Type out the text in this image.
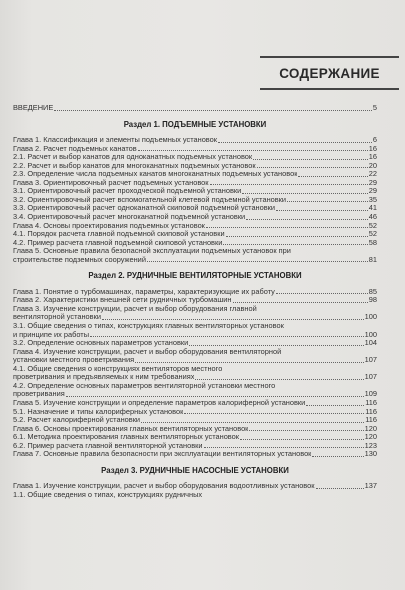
СОДЕРЖАНИЕ
ВВЕДЕНИЕ	5
Раздел 1. ПОДЪЕМНЫЕ УСТАНОВКИ
Глава 1. Классификация и элементы подъемных установок	6
Глава 2. Расчет подъемных канатов	16
2.1. Расчет и выбор канатов для одноканатных подъемных установок	16
2.2. Расчет и выбор канатов для многоканатных подъемных установок	20
2.3. Определение числа подъемных канатов многоканатных подъемных установок	22
Глава 3. Ориентировочный расчет подъемных установок	29
3.1. Ориентировочный расчет проходческой подъемной установки	29
3.2. Ориентировочный расчет вспомогательной клетевой подъемной установки	35
3.3. Ориентировочный расчет одноканатной скиповой подъемной установки	41
3.4. Ориентировочный расчет многоканатной подъемной установки	46
Глава 4. Основы проектирования подъемных установок	52
4.1. Порядок расчета главной подъемной скиповой установки	52
4.2. Пример расчета главной подъемной скиповой установки	58
Глава 5. Основные правила безопасной эксплуатации подъемных установок при
строительстве подземных сооружений	81
Раздел 2. РУДНИЧНЫЕ ВЕНТИЛЯТОРНЫЕ УСТАНОВКИ
Глава 1. Понятие о турбомашинах, параметры, характеризующие их работу	85
Глава 2. Характеристики внешней сети рудничных турбомашин	98
Глава 3. Изучение конструкции, расчет и выбор оборудования главной
вентиляторной установки	100
3.1. Общие сведения о типах, конструкциях главных вентиляторных установок
и принципе их работы	100
3.2. Определение основных параметров установки	104
Глава 4. Изучение конструкции, расчет и выбор оборудования вентиляторной
установки местного проветривания	107
4.1. Общие сведения о конструкциях вентиляторов местного
проветривания и предъявляемых к ним требованиях	107
4.2. Определение основных параметров вентиляторной установки местного
проветривания	109
Глава 5. Изучение конструкции и определение параметров калориферной установки	116
5.1. Назначение и типы калориферных установок	116
5.2. Расчет калориферной установки	116
Глава 6. Основы проектирования главных вентиляторных установок	120
6.1. Методика проектирования главных вентиляторных установок	120
6.2. Пример расчета главной вентиляторной установки	123
Глава 7. Основные правила безопасности при эксплуатации вентиляторных установок	130
Раздел 3. РУДНИЧНЫЕ НАСОСНЫЕ УСТАНОВКИ
Глава 1. Изучение конструкции, расчет и выбор оборудования водоотливных установок	137
1.1. Общие сведения о типах, конструкциях рудничных
